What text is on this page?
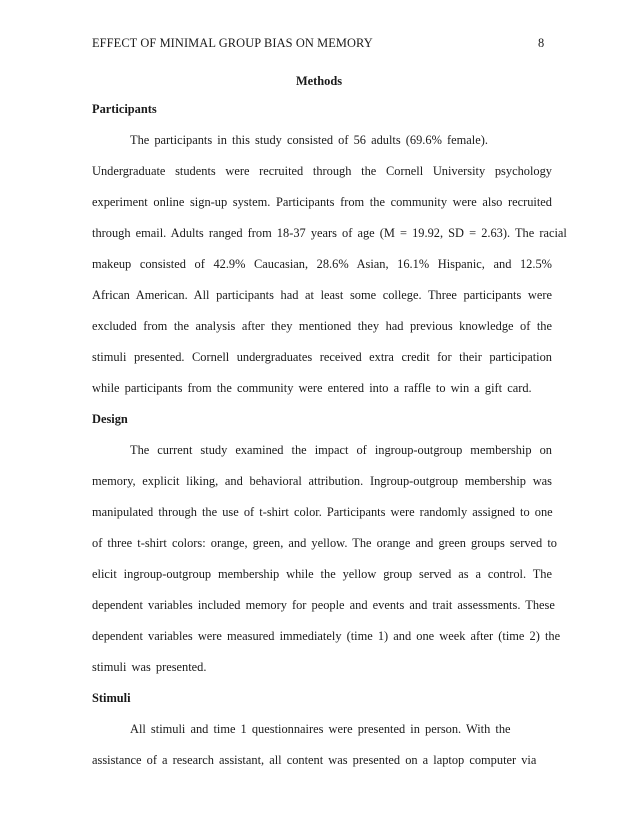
EFFECT OF MINIMAL GROUP BIAS ON MEMORY	8
Methods
Participants
The participants in this study consisted of 56 adults (69.6% female).
Undergraduate students were recruited through the Cornell University psychology
experiment online sign-up system. Participants from the community were also recruited
through email. Adults ranged from 18-37 years of age (M = 19.92, SD = 2.63). The racial
makeup consisted of 42.9% Caucasian, 28.6% Asian, 16.1% Hispanic, and 12.5%
African American. All participants had at least some college. Three participants were
excluded from the analysis after they mentioned they had previous knowledge of the
stimuli presented. Cornell undergraduates received extra credit for their participation
while participants from the community were entered into a raffle to win a gift card.
Design
The current study examined the impact of ingroup-outgroup membership on
memory, explicit liking, and behavioral attribution. Ingroup-outgroup membership was
manipulated through the use of t-shirt color. Participants were randomly assigned to one
of three t-shirt colors: orange, green, and yellow. The orange and green groups served to
elicit ingroup-outgroup membership while the yellow group served as a control. The
dependent variables included memory for people and events and trait assessments. These
dependent variables were measured immediately (time 1) and one week after (time 2) the
stimuli was presented.
Stimuli
All stimuli and time 1 questionnaires were presented in person. With the
assistance of a research assistant, all content was presented on a laptop computer via
